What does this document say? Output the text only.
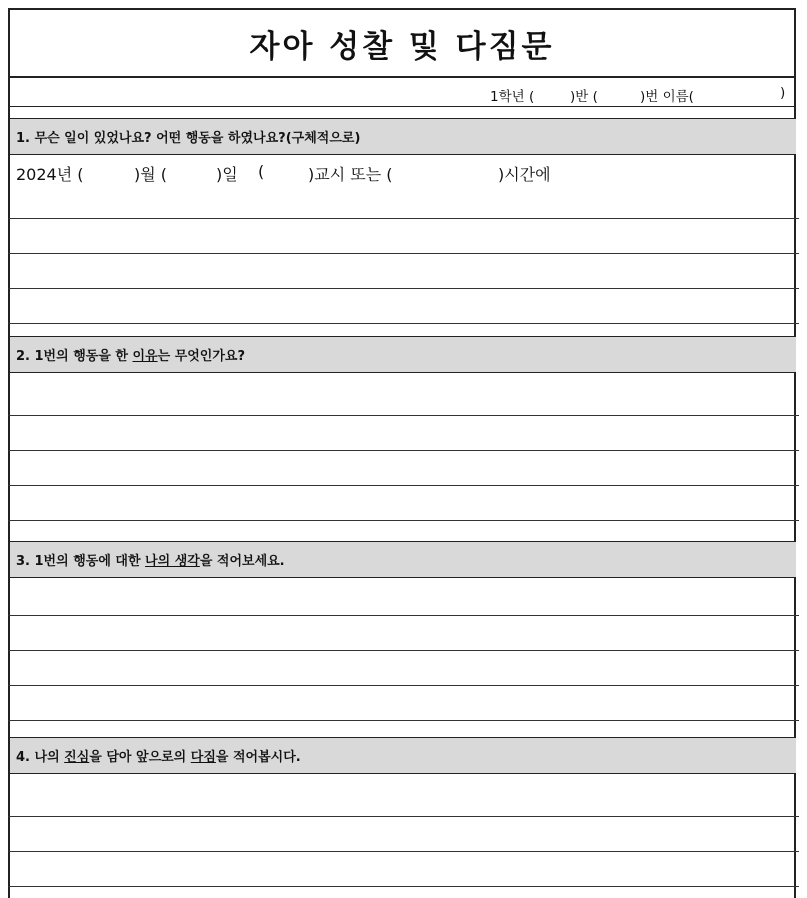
자아 성찰 및 다짐문
1학년 (	)반 (	)번 이름(	)
1. 무슨 일이 있었나요? 어떤 행동을 하였나요?(구체적으로)
2024년 (	)월 (	)일 (	)교시 또는 (	)시간에
2. 1번의 행동을 한 이유 는 무엇인가요?
3. 1번의 행동에 대한 나의 생각 을 적어보세요.
4. 나의 진심 을 담아 앞으로의 다짐 을 적어봅시다.
